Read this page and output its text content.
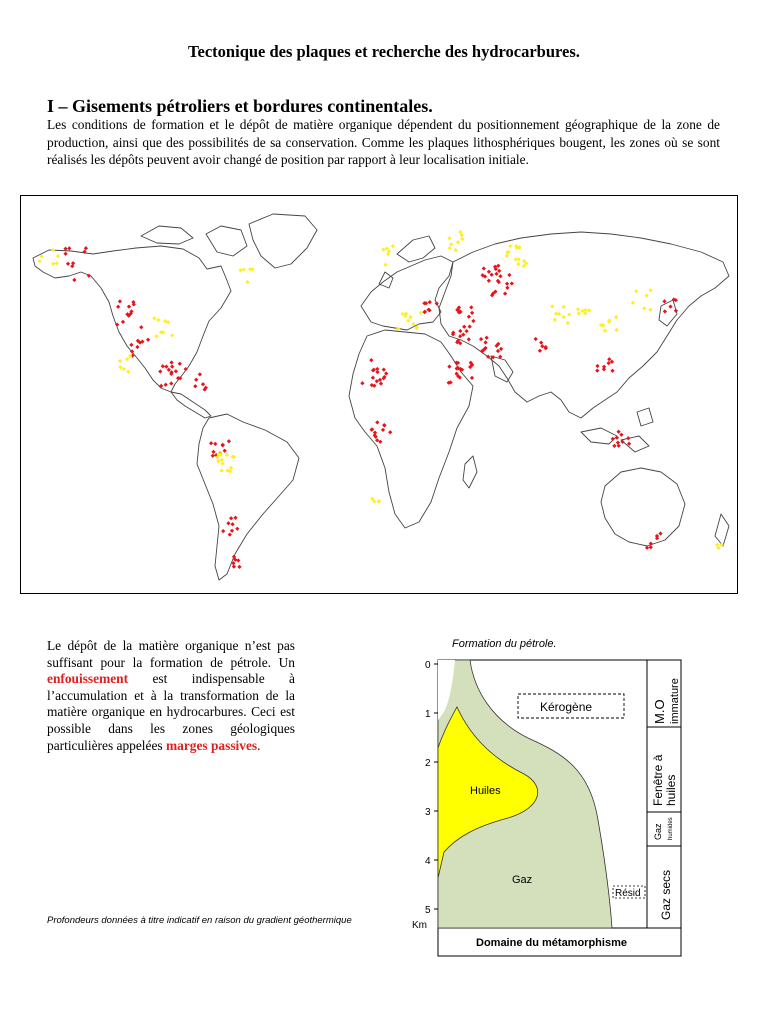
Tectonique des plaques et recherche des hydrocarbures.
I – Gisements pétroliers et bordures continentales.
Les conditions de formation et le dépôt de matière organique dépendent du positionnement géographique de la zone de production, ainsi que des possibilités de sa conservation. Comme les plaques lithosphériques bougent, les zones où se sont réalisés les dépôts peuvent avoir changé de position par rapport à leur localisation initiale.
Le dépôt de la matière organique n’est pas suffisant pour la formation de pétrole. Un enfouissement est indispensable à l’accumulation et à la transformation de la matière organique en hydrocarbures. Ceci est possible dans les zones géologiques particulières appelées marges passives.
Profondeurs données à titre indicatif en raison du gradient géothermique
Formation du pétrole.
0
1
2
3
4
5
Km
Kérogène
Huiles
Gaz
Résid
M.O immature
Fenêtre àhuiles
Gaz humides
Gaz secs
Domaine du métamorphisme
